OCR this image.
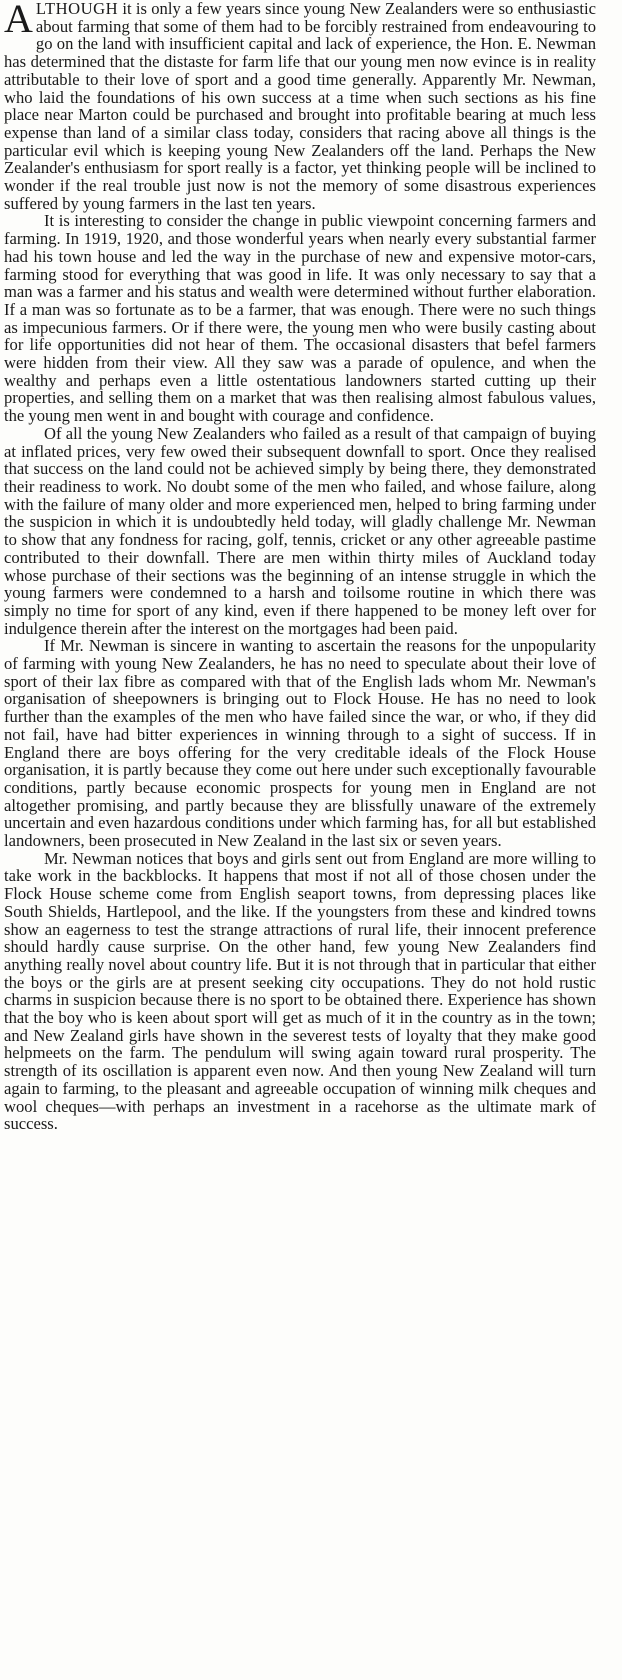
ALTHOUGH it is only a few years since young New Zealanders were so enthusiastic about farming that some of them had to be forcibly restrained from endeavouring to go on the land with insufficient capital and lack of experience, the Hon. E. Newman has determined that the distaste for farm life that our young men now evince is in reality attributable to their love of sport and a good time generally. Apparently Mr. Newman, who laid the foundations of his own success at a time when such sections as his fine place near Marton could be purchased and brought into profitable bearing at much less expense than land of a similar class today, considers that racing above all things is the particular evil which is keeping young New Zealanders off the land. Perhaps the New Zealander's enthusiasm for sport really is a factor, yet thinking people will be inclined to wonder if the real trouble just now is not the memory of some disastrous experiences suffered by young farmers in the last ten years.

It is interesting to consider the change in public viewpoint concerning farmers and farming. In 1919, 1920, and those wonderful years when nearly every substantial farmer had his town house and led the way in the purchase of new and expensive motor-cars, farming stood for everything that was good in life. It was only necessary to say that a man was a farmer and his status and wealth were determined without further elaboration. If a man was so fortunate as to be a farmer, that was enough. There were no such things as impecunious farmers. Or if there were, the young men who were busily casting about for life opportunities did not hear of them. The occasional disasters that befel farmers were hidden from their view. All they saw was a parade of opulence, and when the wealthy and perhaps even a little ostentatious landowners started cutting up their properties, and selling them on a market that was then realising almost fabulous values, the young men went in and bought with courage and confidence.

Of all the young New Zealanders who failed as a result of that campaign of buying at inflated prices, very few owed their subsequent downfall to sport. Once they realised that success on the land could not be achieved simply by being there, they demonstrated their readiness to work. No doubt some of the men who failed, and whose failure, along with the failure of many older and more experienced men, helped to bring farming under the suspicion in which it is undoubtedly held today, will gladly challenge Mr. Newman to show that any fondness for racing, golf, tennis, cricket or any other agreeable pastime contributed to their downfall. There are men within thirty miles of Auckland today whose purchase of their sections was the beginning of an intense struggle in which the young farmers were condemned to a harsh and toilsome routine in which there was simply no time for sport of any kind, even if there happened to be money left over for indulgence therein after the interest on the mortgages had been paid.

If Mr. Newman is sincere in wanting to ascertain the reasons for the unpopularity of farming with young New Zealanders, he has no need to speculate about their love of sport of their lax fibre as compared with that of the English lads whom Mr. Newman's organisation of sheepowners is bringing out to Flock House. He has no need to look further than the examples of the men who have failed since the war, or who, if they did not fail, have had bitter experiences in winning through to a sight of success. If in England there are boys offering for the very creditable ideals of the Flock House organisation, it is partly because they come out here under such exceptionally favourable conditions, partly because economic prospects for young men in England are not altogether promising, and partly because they are blissfully unaware of the extremely uncertain and even hazardous conditions under which farming has, for all but established landowners, been prosecuted in New Zealand in the last six or seven years.

Mr. Newman notices that boys and girls sent out from England are more willing to take work in the backblocks. It happens that most if not all of those chosen under the Flock House scheme come from English seaport towns, from depressing places like South Shields, Hartlepool, and the like. If the youngsters from these and kindred towns show an eagerness to test the strange attractions of rural life, their innocent preference should hardly cause surprise. On the other hand, few young New Zealanders find anything really novel about country life. But it is not through that in particular that either the boys or the girls are at present seeking city occupations. They do not hold rustic charms in suspicion because there is no sport to be obtained there. Experience has shown that the boy who is keen about sport will get as much of it in the country as in the town; and New Zealand girls have shown in the severest tests of loyalty that they make good helpmeets on the farm. The pendulum will swing again toward rural prosperity. The strength of its oscillation is apparent even now. And then young New Zealand will turn again to farming, to the pleasant and agreeable occupation of winning milk cheques and wool cheques—with perhaps an investment in a racehorse as the ultimate mark of success.
